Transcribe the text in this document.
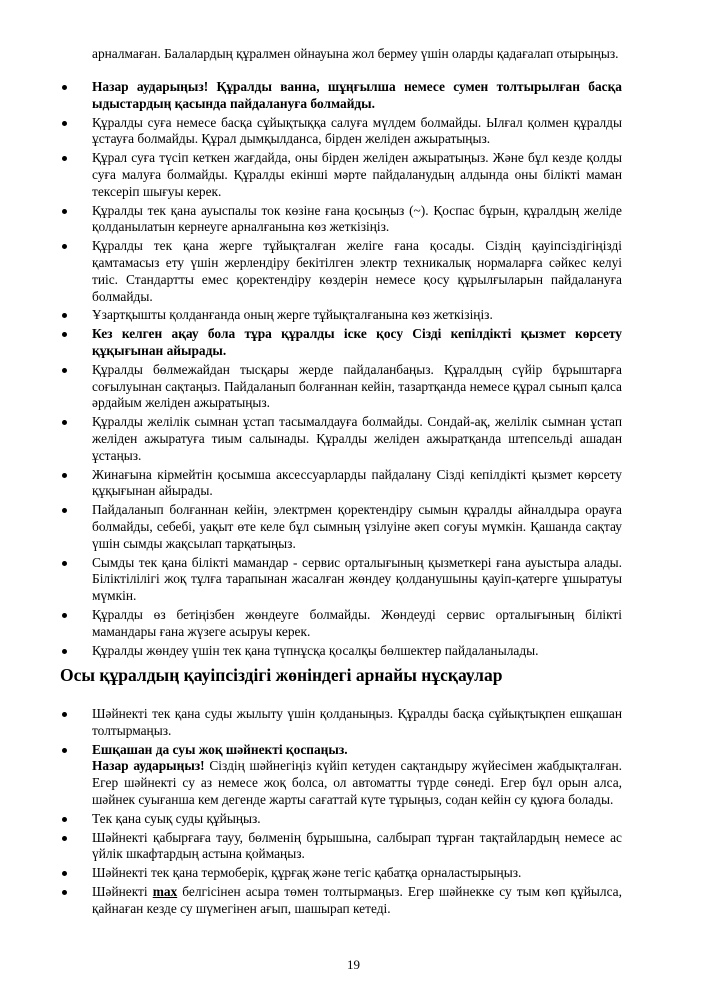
арналмаған. Балалардың құралмен ойнауына жол бермеу үшін оларды қадағалап отырыңыз.
Назар аударыңыз! Құралды ванна, шұңғылша немесе сумен толтырылған басқа ыдыстардың қасында пайдалануға болмайды.
Құралды суға немесе басқа сұйықтыққа салуға мүлдем болмайды. Ылғал қолмен құралды ұстауға болмайды. Құрал дымқылданса, бірден желіден ажыратыңыз.
Құрал суға түсіп кеткен жағдайда, оны бірден желіден ажыратыңыз. Және бұл кезде қолды суға малуға болмайды. Құралды екінші мәрте пайдаланудың алдында оны білікті маман тексеріп шығуы керек.
Құралды тек қана ауыспалы ток көзіне ғана қосыңыз (~). Қоспас бұрын, құралдың желіде қолданылатын кернеуге арналғанына көз жеткізіңіз.
Құралды тек қана жерге тұйықталған желіге ғана қосады. Сіздің қауіпсіздігіңізді қамтамасыз ету үшін жерлендіру бекітілген электр техникалық нормаларға сәйкес келуі тиіс. Стандартты емес қоректендіру көздерін немесе қосу құрылғыларын пайдалануға болмайды.
Ұзартқышты қолданғанда оның жерге тұйықталғанына көз жеткізіңіз.
Кез келген ақау бола тұра құралды іске қосу Сізді кепілдікті қызмет көрсету құқығынан айырады.
Құралды бөлмежайдан тысқары жерде пайдаланбаңыз. Құралдың сүйір бұрыштарға соғылуынан сақтаңыз. Пайдаланып болғаннан кейін, тазартқанда немесе құрал сынып қалса әрдайым желіден ажыратыңыз.
Құралды желілік сымнан ұстап тасымалдауға болмайды. Сондай-ақ, желілік сымнан ұстап желіден ажыратуға тиым салынады. Құралды желіден ажыратқанда штепсельді ашадан ұстаңыз.
Жинағына кірмейтін қосымша аксессуарларды пайдалану Сізді кепілдікті қызмет көрсету құқығынан айырады.
Пайдаланып болғаннан кейін, электрмен қоректендіру сымын құралды айналдыра орауға болмайды, себебі, уақыт өте келе бұл сымның үзілуіне әкеп соғуы мүмкін. Қашанда сақтау үшін сымды жақсылап тарқатыңыз.
Сымды тек қана білікті мамандар - сервис орталығының қызметкері ғана ауыстыра алады. Біліктілілігі жоқ тұлға тарапынан жасалған жөндеу қолданушыны қауіп-қатерге ұшыратуы мүмкін.
Құралды өз бетіңізбен жөндеуге болмайды. Жөндеуді сервис орталығының білікті мамандары ғана жүзеге асыруы керек.
Құралды жөндеу үшін тек қана түпнұсқа қосалқы бөлшектер пайдаланылады.
Осы құралдың қауіпсіздігі жөніндегі арнайы нұсқаулар
Шәйнекті тек қана суды жылыту үшін қолданыңыз. Құралды басқа сұйықтықпен ешқашан толтырмаңыз.
Ешқашан да суы жоқ шәйнекті қоспаңыз.
Назар аударыңыз! Сіздің шәйнегіңіз күйіп кетуден сақтандыру жүйесімен жабдықталған. Егер шәйнекті су аз немесе жоқ болса, ол автоматты түрде сөнеді. Егер бұл орын алса, шәйнек суығанша кем дегенде жарты сағаттай күте тұрыңыз, содан кейін су құюға болады.
Тек қана суық суды құйыңыз.
Шәйнекті қабырғаға тауу, бөлменің бұрышына, салбырап тұрған тақтайлардың немесе ас үйлік шкафтардың астына қоймаңыз.
Шәйнекті тек қана термоберік, құрғақ және тегіс қабатқа орналастырыңыз.
Шәйнекті max белгісінен асыра төмен толтырмаңыз. Егер шәйнекке су тым көп құйылса, қайнаған кезде су шүмегінен ағып, шашырап кетеді.
19
